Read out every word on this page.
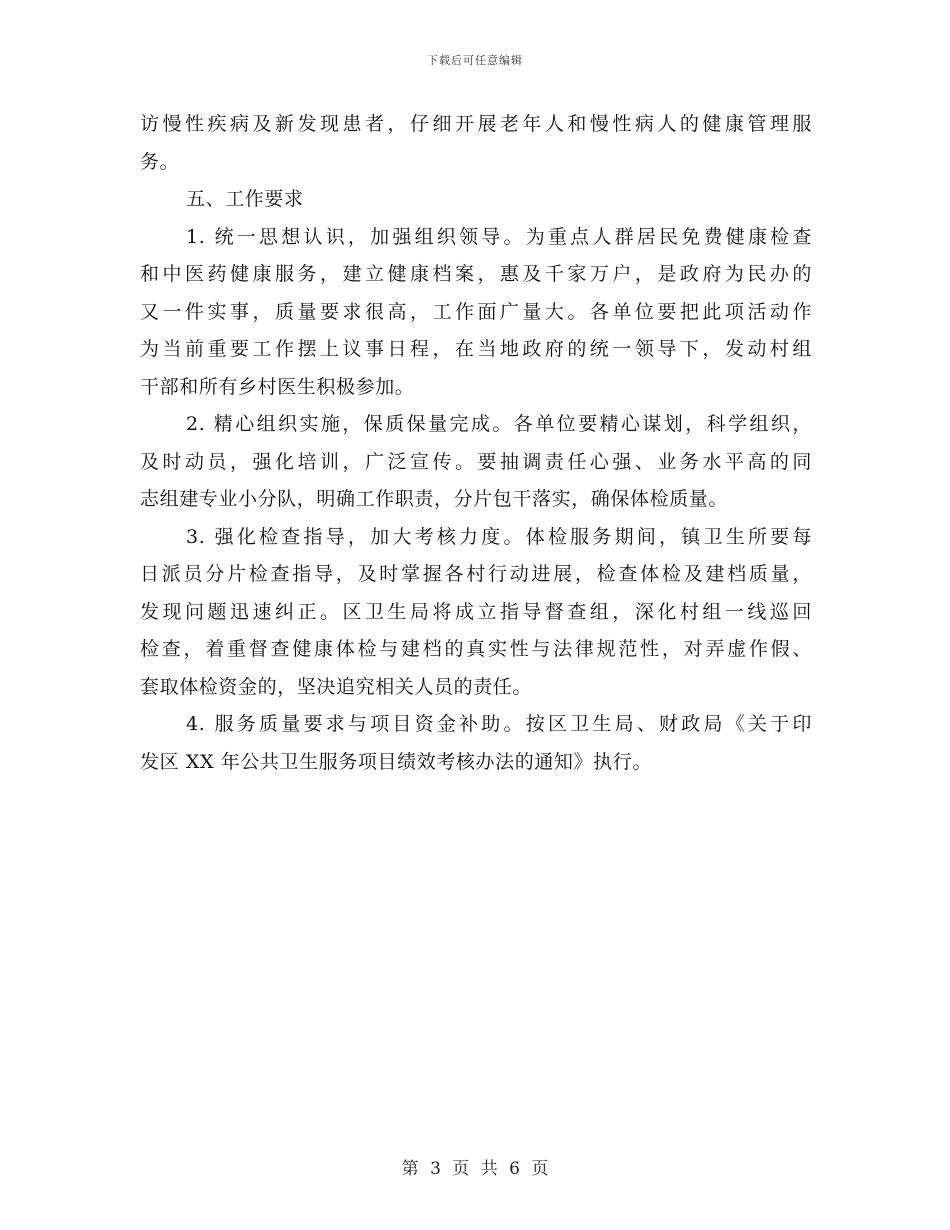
下载后可任意编辑
访慢性疾病及新发现患者，仔细开展老年人和慢性病人的健康管理服
务。
五、工作要求
1. 统一思想认识，加强组织领导。为重点人群居民免费健康检查
和中医药健康服务，建立健康档案，惠及千家万户，是政府为民办的
又一件实事，质量要求很高，工作面广量大。各单位要把此项活动作
为当前重要工作摆上议事日程，在当地政府的统一领导下，发动村组
干部和所有乡村医生积极参加。
2. 精心组织实施，保质保量完成。各单位要精心谋划，科学组织，
及时动员，强化培训，广泛宣传。要抽调责任心强、业务水平高的同
志组建专业小分队，明确工作职责，分片包干落实，确保体检质量。
3. 强化检查指导，加大考核力度。体检服务期间，镇卫生所要每
日派员分片检查指导，及时掌握各村行动进展，检查体检及建档质量，
发现问题迅速纠正。区卫生局将成立指导督查组，深化村组一线巡回
检查，着重督查健康体检与建档的真实性与法律规范性，对弄虚作假、
套取体检资金的，坚决追究相关人员的责任。
4. 服务质量要求与项目资金补助。按区卫生局、财政局《关于印
发区 XX 年公共卫生服务项目绩效考核办法的通知》执行。
第 3 页 共 6 页
